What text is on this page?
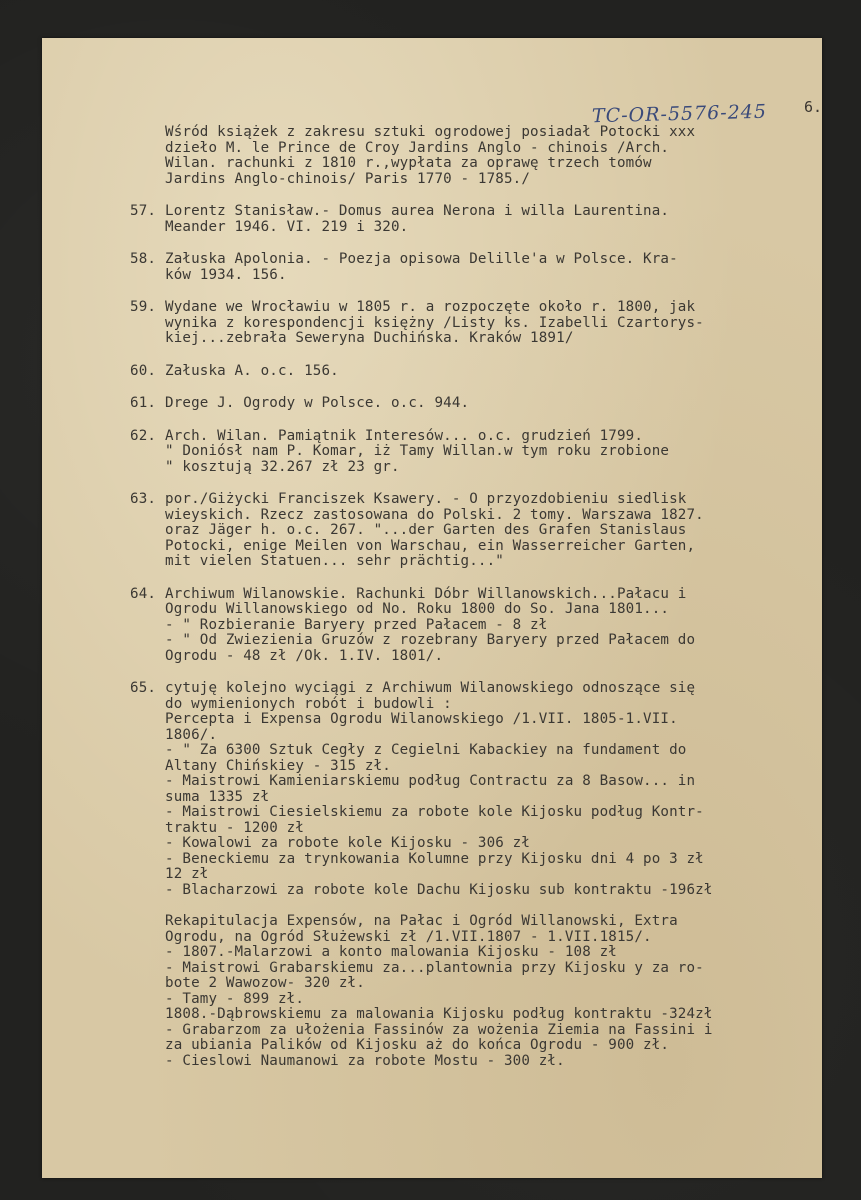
TC-OR-5576-245 6.
Wśród książek z zakresu sztuki ogrodowej posiadał Potocki xxx
dzieło M. le Prince de Croy Jardins Anglo - chinois /Arch.
Wilan. rachunki z 1810 r.,wypłata za oprawę trzech tomów
Jardins Anglo-chinois/ Paris 1770 - 1785./
57. Lorentz Stanisław.- Domus aurea Nerona i willa Laurentina.
Meander 1946. VI. 219 i 320.
58. Załuska Apolonia. - Poezja opisowa Delille'a w Polsce. Kra-
ków 1934. 156.
59. Wydane we Wrocławiu w 1805 r. a rozpoczęte około r. 1800, jak
wynika z korespondencji księżny /Listy ks. Izabelli Czartorys-
kiej...zebrała Seweryna Duchińska. Kraków 1891/
60. Załuska A. o.c. 156.
61. Drege J. Ogrody w Polsce. o.c. 944.
62. Arch. Wilan. Pamiątnik Interesów... o.c. grudzień 1799.
" Doniósł nam P. Komar, iż Tamy Willan.w tym roku zrobione
" kosztują 32.267 zł 23 gr.
63. por./Giżycki Franciszek Ksawery. - O przyozdobieniu siedlisk
wieyskich. Rzecz zastosowana do Polski. 2 tomy. Warszawa 1827.
oraz Jäger h. o.c. 267. "...der Garten des Grafen Stanislaus
Potocki, enige Meilen von Warschau, ein Wasserreicher Garten,
mit vielen Statuen... sehr prächtig..."
64. Archiwum Wilanowskie. Rachunki Dóbr Willanowskich...Pałacu i
Ogrodu Willanowskiego od No. Roku 1800 do So. Jana 1801...
- " Rozbieranie Baryery przed Pałacem - 8 zł
- " Od Zwiezienia Gruzów z rozebrany Baryery przed Pałacem do
Ogrodu - 48 zł /Ok. 1.IV. 1801/.
65. cytuję kolejno wyciągi z Archiwum Wilanowskiego odnoszące się
do wymienionych robót i budowli :
Percepta i Expensa Ogrodu Wilanowskiego /1.VII. 1805-1.VII.
1806/.
- " Za 6300 Sztuk Cegły z Cegielni Kabackiey na fundament do
Altany Chińskiey - 315 zł.
- Maistrowi Kamieniarskiemu podług Contractu za 8 Basow... in
suma 1335 zł
- Maistrowi Ciesielskiemu za robote kole Kijosku podług Kontr-
traktu - 1200 zł
- Kowalowi za robote kole Kijosku - 306 zł
- Beneckiemu za trynkowania Kolumne przy Kijosku dni 4 po 3 zł
12 zł
- Blacharzowi za robote kole Dachu Kijosku sub kontraktu -196zł
Rekapitulacja Expensów, na Pałac i Ogród Willanowski, Extra
Ogrodu, na Ogród Służewski zł /1.VII.1807 - 1.VII.1815/.
- 1807.-Malarzowi a konto malowania Kijosku - 108 zł
- Maistrowi Grabarskiemu za...plantownia przy Kijosku y za ro-
bote 2 Wawozow- 320 zł.
- Tamy - 899 zł.
1808.-Dąbrowskiemu za malowania Kijosku podług kontraktu -324zł
- Grabarzom za ułożenia Fassinów za wożenia Ziemia na Fassini i
za ubiania Palików od Kijosku aż do końca Ogrodu - 900 zł.
- Cieslowi Naumanowi za robote Mostu - 300 zł.
